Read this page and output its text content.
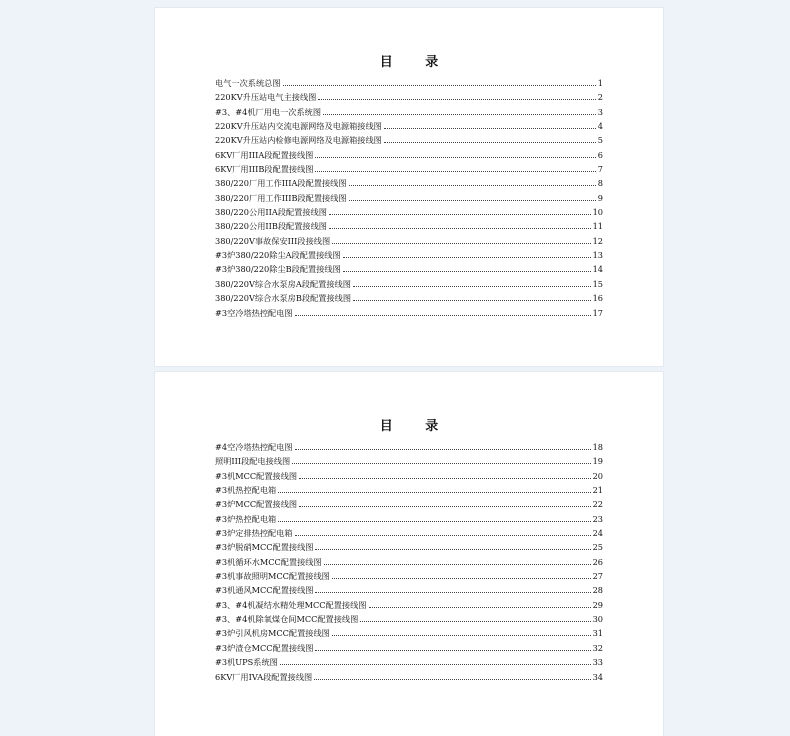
目 录
电气一次系统总图	1
220KV升压站电气主接线图	2
#3、#4机厂用电一次系统图	3
220KV升压站内交流电源网络及电源箱接线图	4
220KV升压站内检修电源网络及电源箱接线图	5
6KV厂用IIIA段配置接线图	6
6KV厂用IIIB段配置接线图	7
380/220厂用工作IIIA段配置接线图	8
380/220厂用工作IIIB段配置接线图	9
380/220公用IIA段配置接线图	10
380/220公用IIB段配置接线图	11
380/220V事故保安III段接线图	12
#3炉380/220除尘A段配置接线图	13
#3炉380/220除尘B段配置接线图	14
380/220V综合水泵房A段配置接线图	15
380/220V综合水泵房B段配置接线图	16
#3空冷塔热控配电图	17
目 录
#4空冷塔热控配电图	18
照明III段配电接线图	19
#3机MCC配置接线图	20
#3机热控配电箱	21
#3炉MCC配置接线图	22
#3炉热控配电箱	23
#3炉定排热控配电箱	24
#3炉脱硝MCC配置接线图	25
#3机循环水MCC配置接线图	26
#3机事故照明MCC配置接线图	27
#3机通风MCC配置接线图	28
#3、#4机凝结水精处理MCC配置接线图	29
#3、#4机除氧煤仓间MCC配置接线图	30
#3炉引风机房MCC配置接线图	31
#3炉渣仓MCC配置接线图	32
#3机UPS系统图	33
6KV厂用IVA段配置接线图	34
